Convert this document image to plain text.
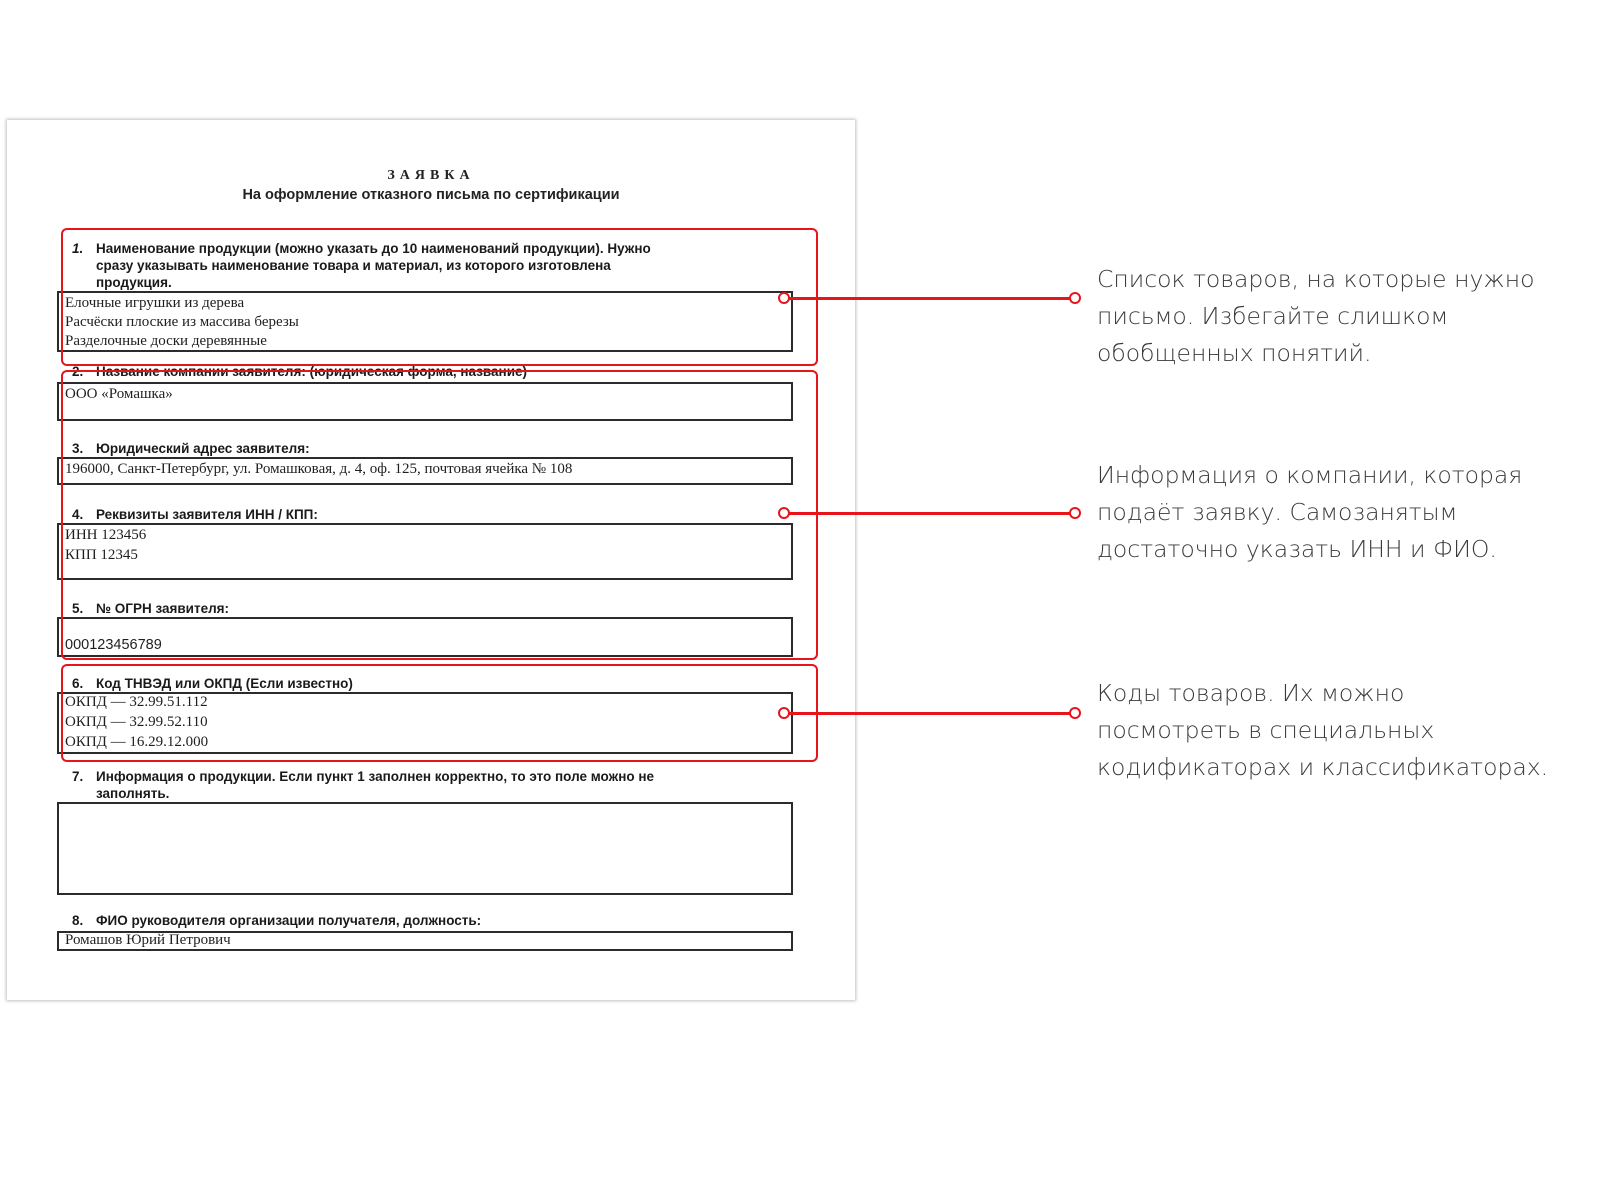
ЗАЯВКА
На оформление отказного письма по сертификации
1. Наименование продукции (можно указать до 10 наименований продукции). Нужно
сразу указывать наименование товара и материал, из которого изготовлена
продукция.
Елочные игрушки из дерева
Расчёски плоские из массива березы
Разделочные доски деревянные
2. Название компании заявителя: (юридическая форма, название)
ООО «Ромашка»
3. Юридический адрес заявителя:
196000, Санкт-Петербург, ул. Ромашковая, д. 4, оф. 125, почтовая ячейка № 108
4. Реквизиты заявителя ИНН / КПП:
ИНН 123456
КПП 12345
5. № ОГРН заявителя:
000123456789
6. Код ТНВЭД или ОКПД (Если известно)
ОКПД — 32.99.51.112
ОКПД — 32.99.52.110
ОКПД — 16.29.12.000
7. Информация о продукции. Если пункт 1 заполнен корректно, то это поле можно не
заполнять.
8. ФИО руководителя организации получателя, должность:
Ромашов Юрий Петрович
Список товаров, на которые нужно
письмо. Избегайте слишком
обобщенных понятий.
Информация о компании, которая
подаёт заявку. Самозанятым
достаточно указать ИНН и ФИО.
Коды товаров. Их можно
посмотреть в специальных
кодификаторах и классификаторах.
